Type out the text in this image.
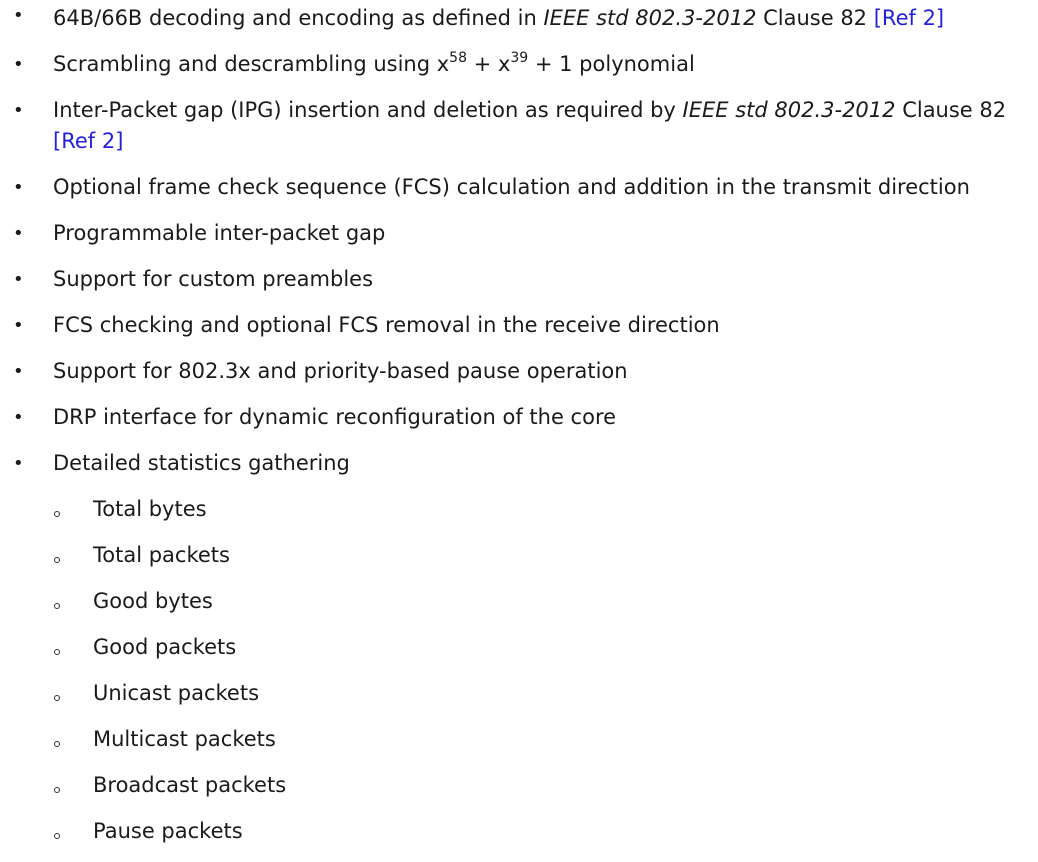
• 64B/66B decoding and encoding as defined in IEEE std 802.3-2012 Clause 82 [Ref 2]
• Scrambling and descrambling using $x^{58} + x^{39} + 1$ polynomial
• Inter-Packet gap (IPG) insertion and deletion as required by IEEE std 802.3-2012 Clause 82 [Ref 2]
• Optional frame check sequence (FCS) calculation and addition in the transmit direction
• Programmable inter-packet gap
• Support for custom preambles
• FCS checking and optional FCS removal in the receive direction
• Support for 802.3x and priority-based pause operation
• DRP interface for dynamic reconfiguration of the core
• Detailed statistics gathering
Total bytes
Total packets
Good bytes
Good packets
Unicast packets
Multicast packets
Broadcast packets
Pause packets
